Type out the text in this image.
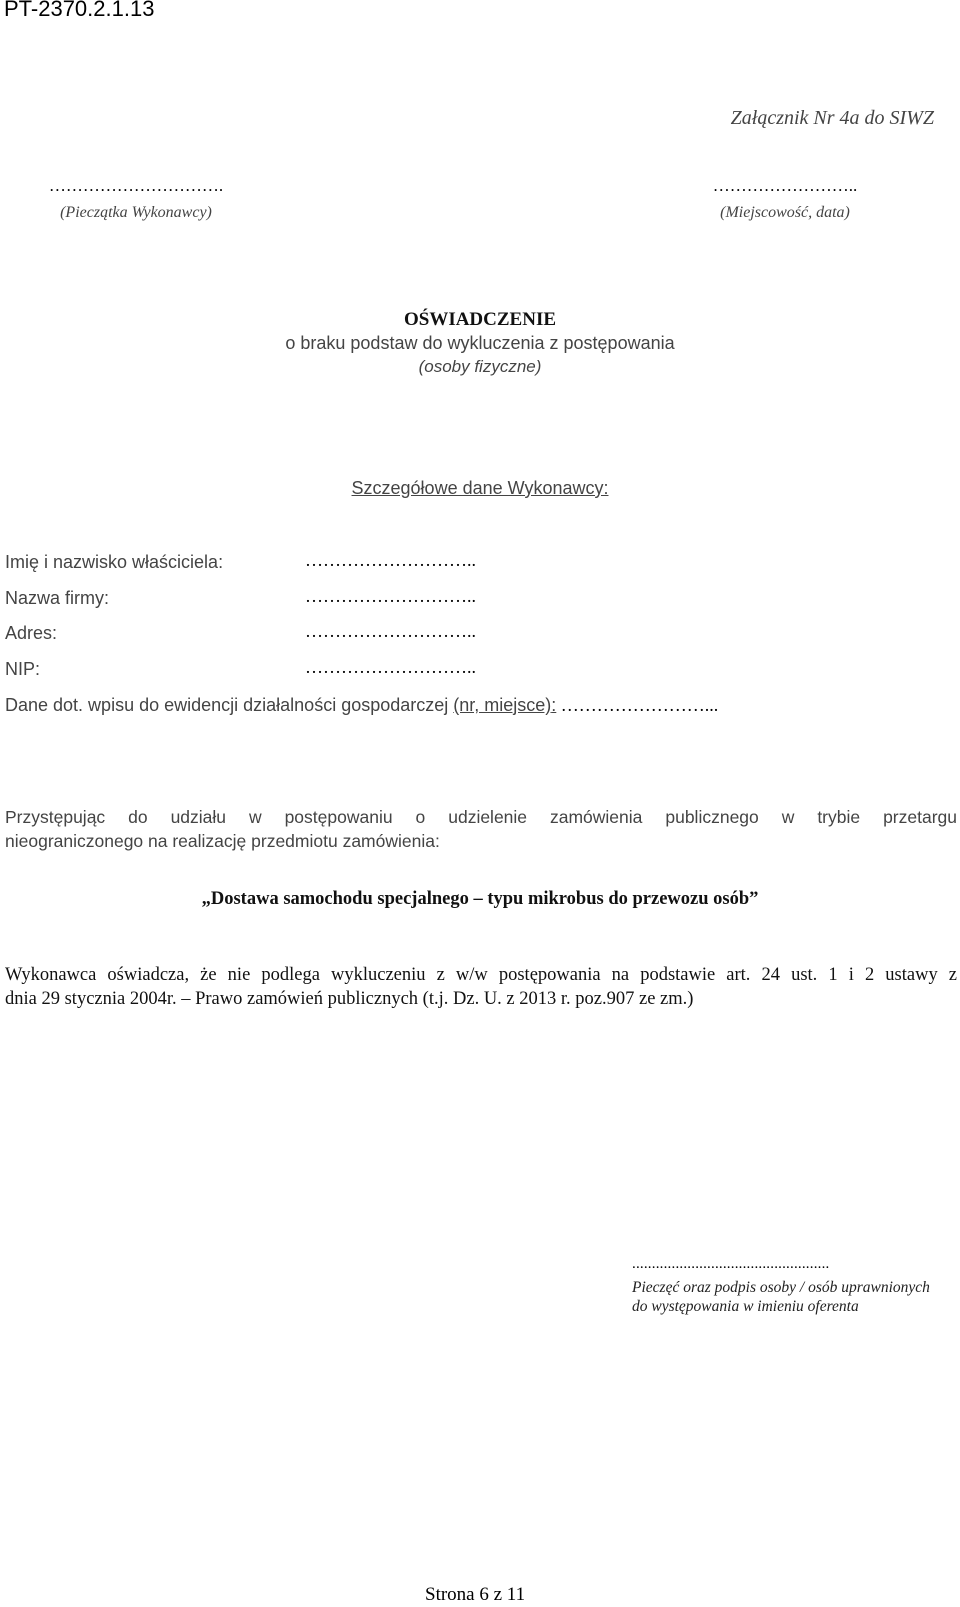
PT-2370.2.1.13
Załącznik Nr 4a do SIWZ
………………………….
(Pieczątka Wykonawcy)
……………………..
(Miejscowość, data)
OŚWIADCZENIE
o braku podstaw do wykluczenia z postępowania
(osoby fizyczne)
Szczegółowe dane Wykonawcy:
Imię i nazwisko właściciela:	………………………..
Nazwa firmy:	………………………..
Adres:	………………………..
NIP:	………………………..
Dane dot. wpisu do ewidencji działalności gospodarczej (nr, miejsce): ……………………...
Przystępując do udziału w postępowaniu o udzielenie zamówienia publicznego w trybie przetargu
nieograniczonego na realizację przedmiotu zamówienia:
„Dostawa samochodu specjalnego – typu mikrobus do przewozu osób”
Wykonawca oświadcza, że nie podlega wykluczeniu z w/w postępowania na podstawie art. 24 ust. 1 i 2 ustawy z
dnia 29 stycznia 2004r. – Prawo zamówień publicznych (t.j. Dz. U. z 2013 r. poz.907 ze zm.)
..................................................
Pieczęć oraz podpis osoby / osób uprawnionych
do występowania w imieniu oferenta
Strona 6 z 11
